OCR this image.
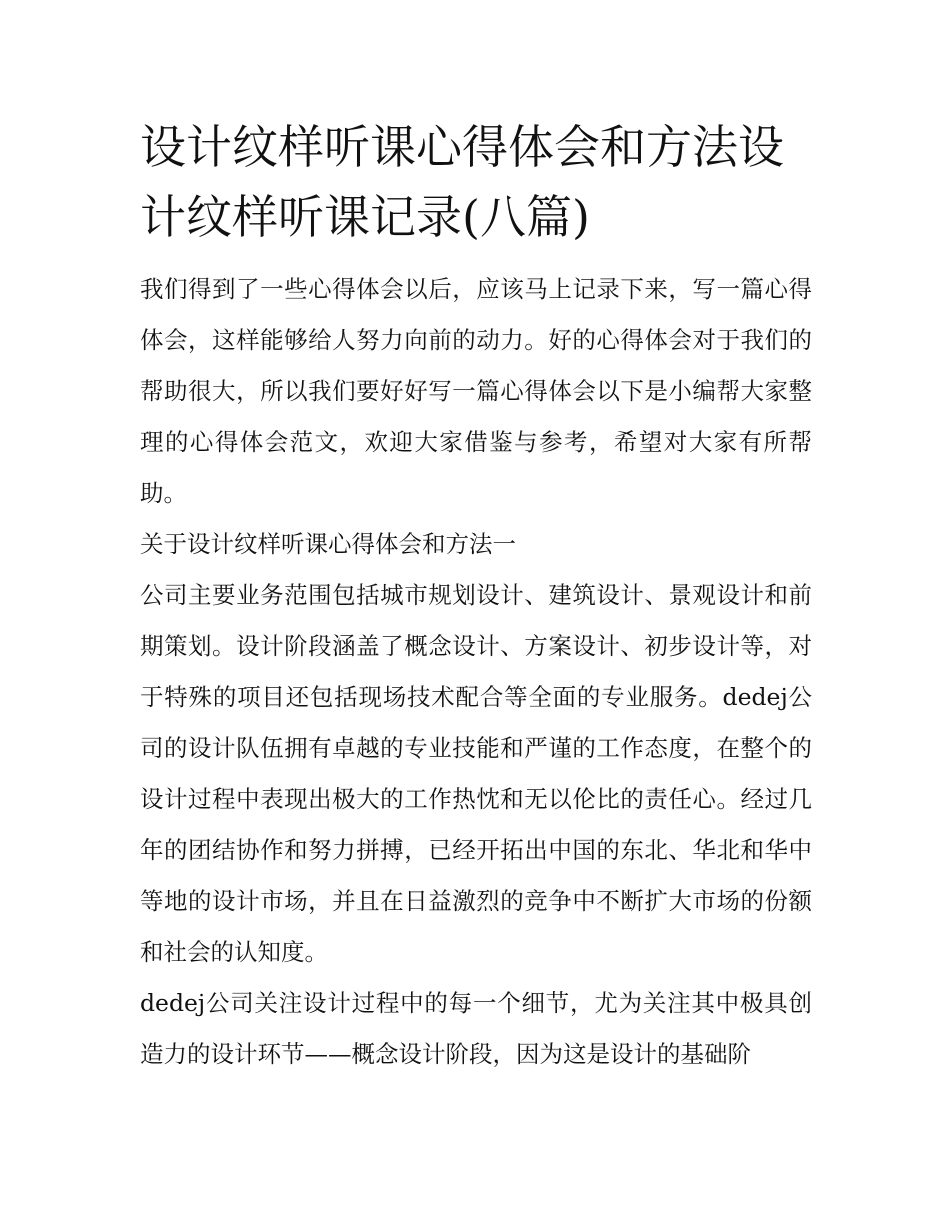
设计纹样听课心得体会和方法设计纹样听课记录(八篇)

我们得到了一些心得体会以后，应该马上记录下来，写一篇心得体会，这样能够给人努力向前的动力。好的心得体会对于我们的帮助很大，所以我们要好好写一篇心得体会以下是小编帮大家整理的心得体会范文，欢迎大家借鉴与参考，希望对大家有所帮助。

关于设计纹样听课心得体会和方法一

公司主要业务范围包括城市规划设计、建筑设计、景观设计和前期策划。设计阶段涵盖了概念设计、方案设计、初步设计等，对于特殊的项目还包括现场技术配合等全面的专业服务。dedej公司的设计队伍拥有卓越的专业技能和严谨的工作态度，在整个的设计过程中表现出极大的工作热忱和无以伦比的责任心。经过几年的团结协作和努力拼搏，已经开拓出中国的东北、华北和华中等地的设计市场，并且在日益激烈的竞争中不断扩大市场的份额和社会的认知度。

dedej公司关注设计过程中的每一个细节，尤为关注其中极具创造力的设计环节——概念设计阶段，因为这是设计的基础阶
